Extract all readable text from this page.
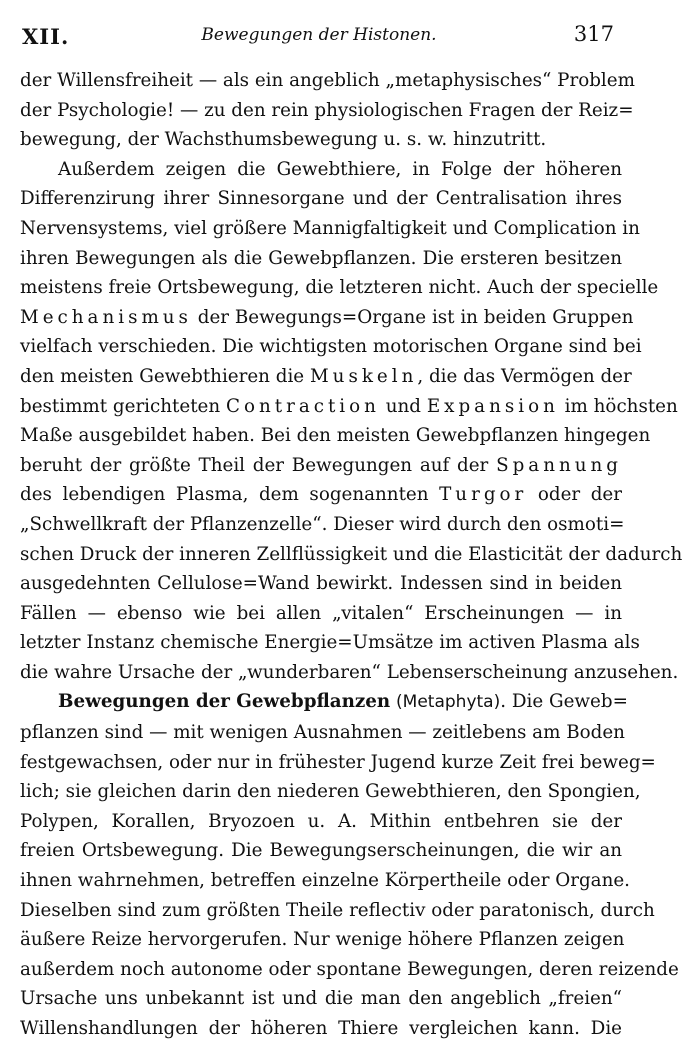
XII.	Bewegungen der Histonen.	317
der Willensfreiheit — als ein angeblich „metaphysisches“ Problem
der Psychologie! — zu den rein physiologischen Fragen der Reiz=
bewegung, der Wachsthumsbewegung u. s. w. hinzutritt.
Außerdem zeigen die Gewebthiere, in Folge der höheren
Differenzirung ihrer Sinnesorgane und der Centralisation ihres
Nervensystems, viel größere Mannigfaltigkeit und Complication in
ihren Bewegungen als die Gewebpflanzen. Die ersteren besitzen
meistens freie Ortsbewegung, die letzteren nicht. Auch der specielle
Mechanismus der Bewegungs=Organe ist in beiden Gruppen
vielfach verschieden. Die wichtigsten motorischen Organe sind bei
den meisten Gewebthieren die Muskeln, die das Vermögen der
bestimmt gerichteten Contraction und Expansion im höchsten
Maße ausgebildet haben. Bei den meisten Gewebpflanzen hingegen
beruht der größte Theil der Bewegungen auf der Spannung
des lebendigen Plasma, dem sogenannten Turgor oder der
„Schwellkraft der Pflanzenzelle“. Dieser wird durch den osmoti=
schen Druck der inneren Zellflüssigkeit und die Elasticität der dadurch
ausgedehnten Cellulose=Wand bewirkt. Indessen sind in beiden
Fällen — ebenso wie bei allen „vitalen“ Erscheinungen — in
letzter Instanz chemische Energie=Umsätze im activen Plasma als
die wahre Ursache der „wunderbaren“ Lebenserscheinung anzusehen.
Bewegungen der Gewebpflanzen (Metaphyta). Die Geweb=
pflanzen sind — mit wenigen Ausnahmen — zeitlebens am Boden
festgewachsen, oder nur in frühester Jugend kurze Zeit frei beweg=
lich; sie gleichen darin den niederen Gewebthieren, den Spongien,
Polypen, Korallen, Bryozoen u. A. Mithin entbehren sie der
freien Ortsbewegung. Die Bewegungserscheinungen, die wir an
ihnen wahrnehmen, betreffen einzelne Körpertheile oder Organe.
Dieselben sind zum größten Theile reflectiv oder paratonisch, durch
äußere Reize hervorgerufen. Nur wenige höhere Pflanzen zeigen
außerdem noch autonome oder spontane Bewegungen, deren reizende
Ursache uns unbekannt ist und die man den angeblich „freien“
Willenshandlungen der höheren Thiere vergleichen kann. Die
